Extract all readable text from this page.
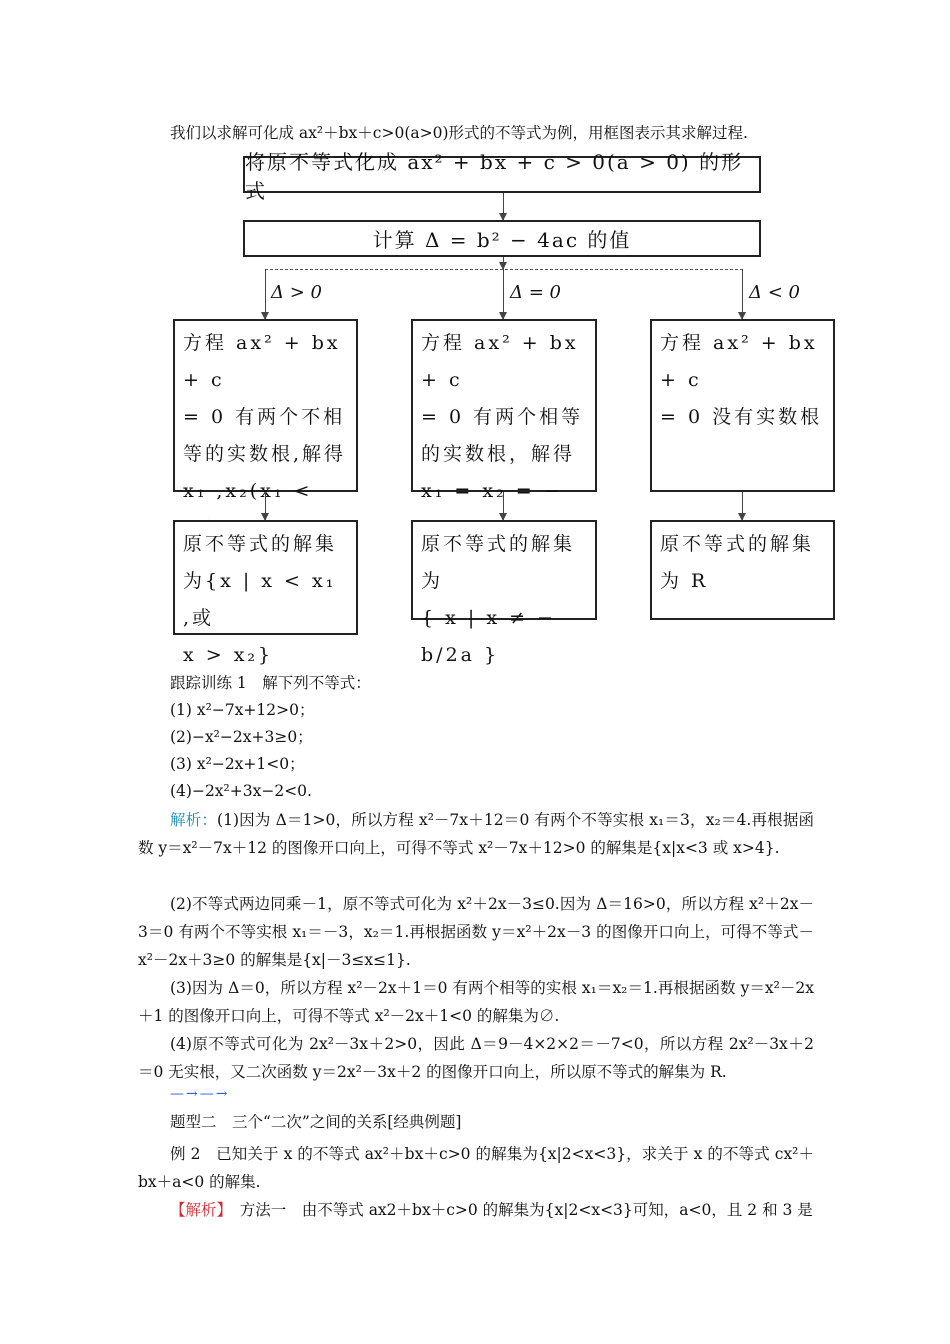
我们以求解可化成 ax²＋bx＋c>0(a>0)形式的不等式为例，用框图表示其求解过程.
将原不等式化成 ax² + bx + c > 0(a > 0) 的形式
计算 Δ = b² − 4ac 的值
Δ > 0	Δ = 0	Δ < 0
方程 ax² + bx + c
= 0 有两个不相
等的实数根,解得
x₁ ,x₂(x₁ <
原不等式的解集
为{x | x < x₁ ,或
x > x₂}
方程 ax² + bx + c
= 0 有两个相等
的实数根，解得
x₁ = x₂ = −
原不等式的解集为
{ x | x ≠ − b/2a }
方程 ax² + bx + c
= 0 没有实数根
原不等式的解集
为 R
跟踪训练 1　解下列不等式：
(1) x²−7x+12>0；
(2)−x²−2x+3≥0；
(3) x²−2x+1<0；
(4)−2x²+3x−2<0.
解析：(1)因为 Δ＝1>0，所以方程 x²－7x＋12＝0 有两个不等实根 x₁＝3，x₂＝4.再根据函数 y＝x²－7x＋12 的图像开口向上，可得不等式 x²－7x＋12>0 的解集是{x|x<3 或 x>4}.
(2)不等式两边同乘－1，原不等式可化为 x²＋2x－3≤0.因为 Δ＝16>0，所以方程 x²＋2x－3＝0 有两个不等实根 x₁＝－3，x₂＝1.再根据函数 y＝x²＋2x－3 的图像开口向上，可得不等式－x²－2x＋3≥0 的解集是{x|－3≤x≤1}.
(3)因为 Δ＝0，所以方程 x²－2x＋1＝0 有两个相等的实根 x₁＝x₂＝1.再根据函数 y＝x²－2x＋1 的图像开口向上，可得不等式 x²－2x＋1<0 的解集为∅.
(4)原不等式可化为 2x²－3x＋2>0，因此 Δ＝9－4×2×2＝－7<0，所以方程 2x²－3x＋2＝0 无实根，又二次函数 y＝2x²－3x＋2 的图像开口向上，所以原不等式的解集为 R.
—→—→
题型二　三个“二次”之间的关系[经典例题]
例 2　已知关于 x 的不等式 ax²＋bx＋c>0 的解集为{x|2<x<3}，求关于 x 的不等式 cx²＋bx＋a<0 的解集.
【解析】　方法一　由不等式 ax2＋bx＋c>0 的解集为{x|2<x<3}可知，a<0，且 2 和 3 是
